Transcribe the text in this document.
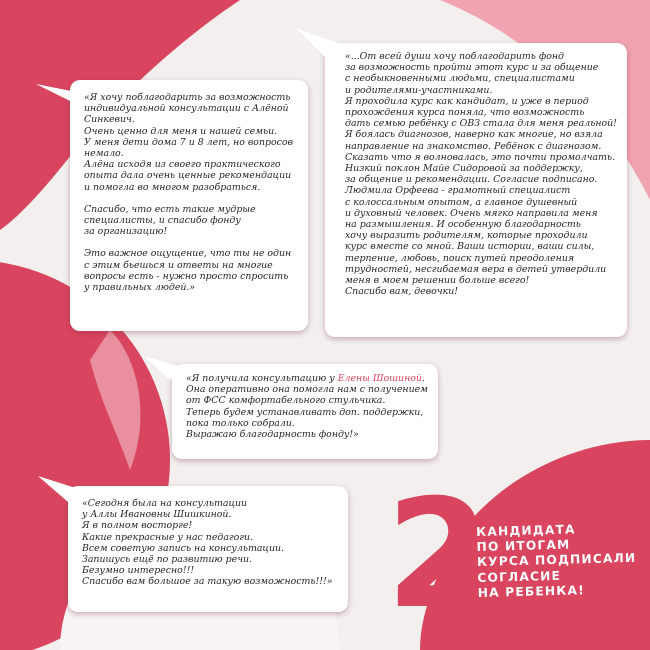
«Я хочу поблагодарить за возможность
индивидуальной консультации с Алёной
Синкевич.
Очень ценно для меня и нашей семьи.
У меня дети дома 7 и 8 лет, но вопросов
немало.
Алёна исходя из своего практического
опыта дала очень ценные рекомендации
и помогла во многом разобраться.

Спасибо, что есть такие мудрые
специалисты, и спасибо фонду
за организацию!

Это важное ощущение, что ты не один
с этим бьешься и ответы на многие
вопросы есть - нужно просто спросить
у правильных людей.»

«...От всей души хочу поблагодарить фонд
за возможность пройти этот курс и за общение
с необыкновенными людьми, специалистами
и родителями-участниками.
Я проходила курс как кандидат, и уже в период
прохождения курса поняла, что возможность
дать семью ребёнку с ОВЗ стала для меня реальной!
Я боялась диагнозов, наверно как многие, но взяла
направление на знакомство. Ребёнок с диагнозом.
Сказать что я волновалась, это почти промолчать.
Низкий поклон Майе Сидоровой за поддержку,
за общение и рекомендации. Согласие подписано.
Людмила Орфеева - грамотный специалист
с колоссальным опытом, а главное душевный
и духовный человек. Очень мягко направила меня
на размышления. И особенную благодарность
хочу выразить родителям, которые проходили
курс вместе со мной. Ваши истории, ваши силы,
терпение, любовь, поиск путей преодоления
трудностей, несгибаемая вера в детей утвердили
меня в моем решении больше всего!
Спасибо вам, девочки!

«Я получила консультацию у Елены Шошиной.
Она оперативно она помогла нам с получением
от ФСС комфортабельного стульчика.
Теперь будем устанавливать доп. поддержки,
пока только собрали.
Выражаю благодарность фонду!»

«Сегодня была на консультации
у Аллы Ивановны Шишкиной.
Я в полном восторге!
Какие прекрасные у нас педагоги.
Всем советую запись на консультации.
Запишусь ещё по развитию речи.
Безумно интересно!!!
Спасибо вам большое за такую возможность!!!» 2
КАНДИДАТА
ПО ИТОГАМ
КУРСА ПОДПИСАЛИ
СОГЛАСИЕ
НА РЕБЕНКА!
